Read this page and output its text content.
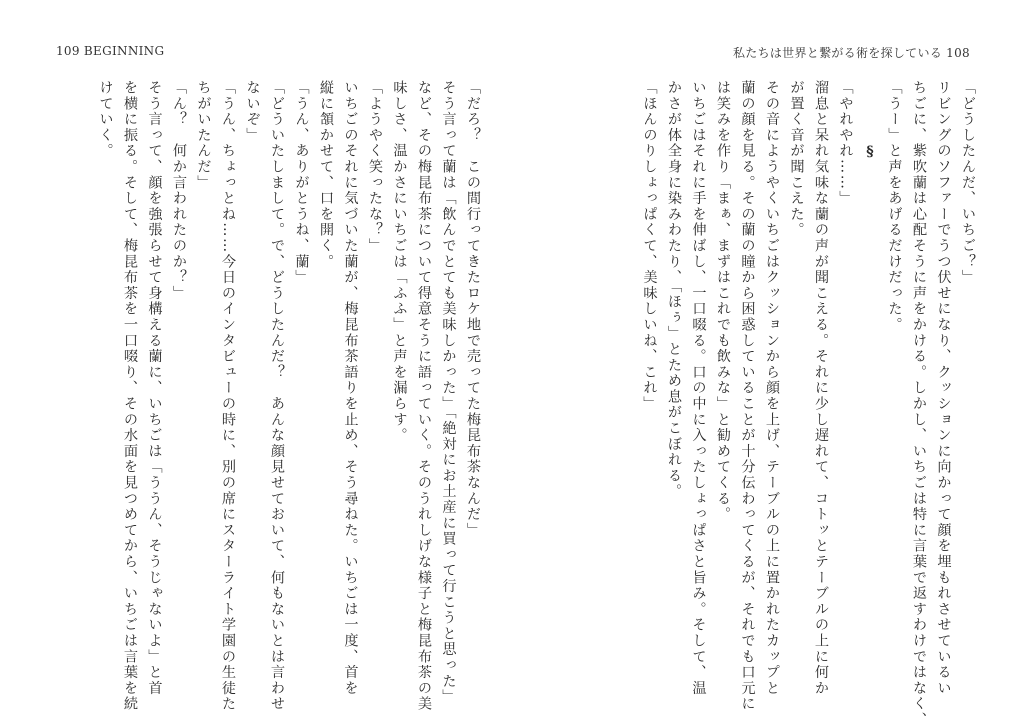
109 BEGINNING	私たちは世界と繋がる術を探している 108
「どうしたんだ、いちご？」
リビングのソファーでうつ伏せになり、クッションに向かって顔を埋もれさせているい
ちごに、紫吹蘭は心配そうに声をかける。しかし、いちごは特に言葉で返すわけではなく、
「うー」と声をあげるだけだった。
§
「やれやれ……」
溜息と呆れ気味な蘭の声が聞こえる。それに少し遅れて、コトッとテーブルの上に何か
が置く音が聞こえた。
その音にようやくいちごはクッションから顔を上げ、テーブルの上に置かれたカップと
蘭の顔を見る。その蘭の瞳から困惑していることが十分伝わってくるが、それでも口元に
は笑みを作り「まぁ、まずはこれでも飲みな」と勧めてくる。
いちごはそれに手を伸ばし、一口啜る。口の中に入ったしょっぱさと旨み。そして、温
かさが体全身に染みわたり、「ほぅ」とため息がこぼれる。
「ほんのりしょっぱくて、美味しいね、これ」
「だろ？　この間行ってきたロケ地で売ってた梅昆布茶なんだ」
そう言って蘭は「飲んでとても美味しかった」「絶対にお土産に買って行こうと思った」
など、その梅昆布茶について得意そうに語っていく。そのうれしげな様子と梅昆布茶の美
味しさ、温かさにいちごは「ふふ」と声を漏らす。
「ようやく笑ったな？」
いちごのそれに気づいた蘭が、梅昆布茶語りを止め、そう尋ねた。いちごは一度、首を
縦に頷かせて、口を開く。
「うん、ありがとうね、蘭」
「どういたしまして。で、どうしたんだ？　あんな顔見せておいて、何もないとは言わせ
ないぞ」
「うん、ちょっとね……今日のインタビューの時に、別の席にスターライト学園の生徒た
ちがいたんだ」
「ん？　何か言われたのか？」
そう言って、顔を強張らせて身構える蘭に、いちごは「ううん、そうじゃないよ」と首
を横に振る。そして、梅昆布茶を一口啜り、その水面を見つめてから、いちごは言葉を続
けていく。
